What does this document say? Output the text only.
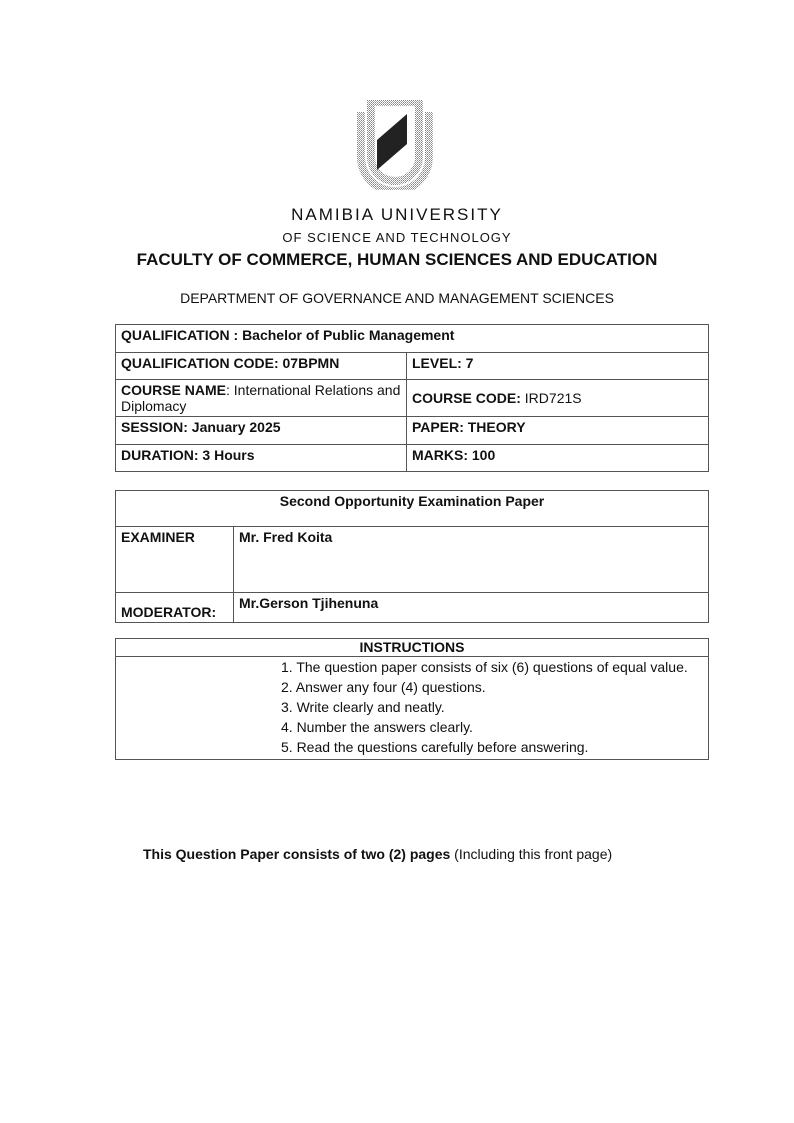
NAMIBIA UNIVERSITY
OF SCIENCE AND TECHNOLOGY
FACULTY OF COMMERCE, HUMAN SCIENCES AND EDUCATION
DEPARTMENT OF GOVERNANCE AND MANAGEMENT SCIENCES
QUALIFICATION : Bachelor of Public Management	
QUALIFICATION CODE: 07BPMN	LEVEL: 7
COURSE NAME: International Relations and Diplomacy	COURSE CODE: IRD721S
SESSION: January 2025	PAPER: THEORY
DURATION: 3 Hours	MARKS: 100
Second Opportunity Examination Paper	
EXAMINER	Mr. Fred Koita
MODERATOR:	Mr.Gerson Tjihenuna
INSTRUCTIONS

1. The question paper consists of six (6) questions of equal value.
2. Answer any four (4) questions.
3. Write clearly and neatly.
4. Number the answers clearly.
5. Read the questions carefully before answering.
This Question Paper consists of two (2) pages (Including this front page)
